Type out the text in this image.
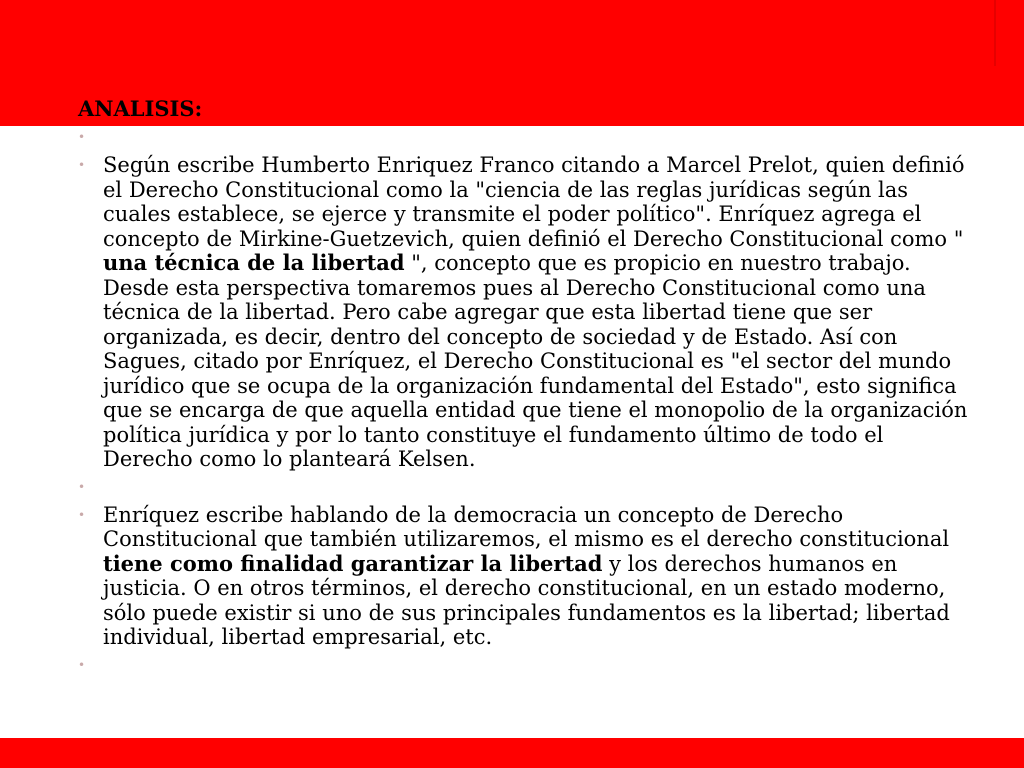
ANALISIS:
•
• Según escribe Humberto Enriquez Franco citando a Marcel Prelot, quien definió el Derecho Constitucional como la "ciencia de las reglas jurídicas según las cuales establece, se ejerce y transmite el poder político". Enríquez agrega el concepto de Mirkine-Guetzevich, quien definió el Derecho Constitucional como " una técnica de la libertad ", concepto que es propicio en nuestro trabajo. Desde esta perspectiva tomaremos pues al Derecho Constitucional como una técnica de la libertad. Pero cabe agregar que esta libertad tiene que ser organizada, es decir, dentro del concepto de sociedad y de Estado. Así con Sagues, citado por Enríquez, el Derecho Constitucional es "el sector del mundo jurídico que se ocupa de la organización fundamental del Estado", esto significa que se encarga de que aquella entidad que tiene el monopolio de la organización política jurídica y por lo tanto constituye el fundamento último de todo el Derecho como lo planteará Kelsen.
•
• Enríquez escribe hablando de la democracia un concepto de Derecho Constitucional que también utilizaremos, el mismo es el derecho constitucional tiene como finalidad garantizar la libertad y los derechos humanos en justicia. O en otros términos, el derecho constitucional, en un estado moderno, sólo puede existir si uno de sus principales fundamentos es la libertad; libertad individual, libertad empresarial, etc.
•
